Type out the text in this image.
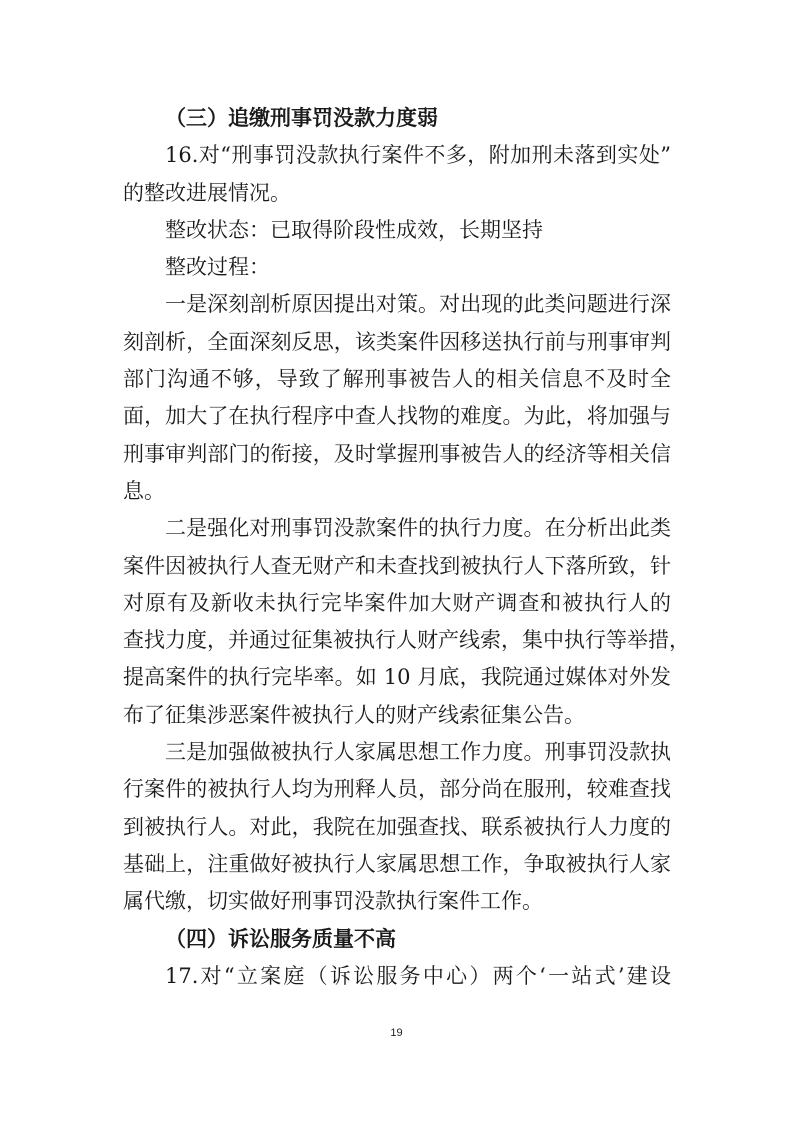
（三）追缴刑事罚没款力度弱
16.对“刑事罚没款执行案件不多，附加刑未落到实处”
的整改进展情况。
整改状态：已取得阶段性成效，长期坚持
整改过程：
一是深刻剖析原因提出对策。对出现的此类问题进行深
刻剖析，全面深刻反思，该类案件因移送执行前与刑事审判
部门沟通不够，导致了解刑事被告人的相关信息不及时全
面，加大了在执行程序中查人找物的难度。为此，将加强与
刑事审判部门的衔接，及时掌握刑事被告人的经济等相关信
息。
二是强化对刑事罚没款案件的执行力度。在分析出此类
案件因被执行人查无财产和未查找到被执行人下落所致，针
对原有及新收未执行完毕案件加大财产调查和被执行人的
查找力度，并通过征集被执行人财产线索，集中执行等举措，
提高案件的执行完毕率。如 10 月底，我院通过媒体对外发
布了征集涉恶案件被执行人的财产线索征集公告。
三是加强做被执行人家属思想工作力度。刑事罚没款执
行案件的被执行人均为刑释人员，部分尚在服刑，较难查找
到被执行人。对此，我院在加强查找、联系被执行人力度的
基础上，注重做好被执行人家属思想工作，争取被执行人家
属代缴，切实做好刑事罚没款执行案件工作。
（四）诉讼服务质量不高
17.对“立案庭（诉讼服务中心）两个‘一站式’建设
19
